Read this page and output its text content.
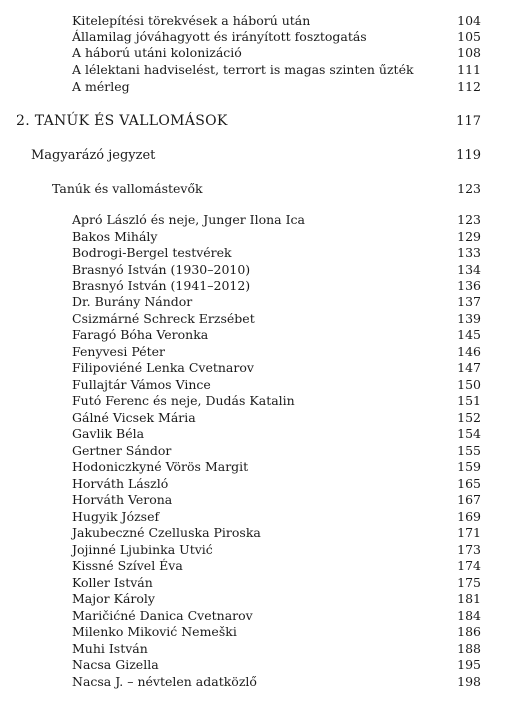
Kitelepítési törekvések a háború után	104
Államilag jóváhagyott és irányított fosztogatás	105
A háború utáni kolonizáció	108
A lélektani hadviselést, terrort is magas szinten űzték	111
A mérleg	112
2. TANÚK ÉS VALLOMÁSOK	117
Magyarázó jegyzet	119
Tanúk és vallomástevők	123
Apró László és neje, Junger Ilona Ica	123
Bakos Mihály	129
Bodrogi-Bergel testvérek	133
Brasnyó István (1930–2010)	134
Brasnyó István (1941–2012)	136
Dr. Burány Nándor	137
Csizmárné Schreck Erzsébet	139
Faragó Bóha Veronka	145
Fenyvesi Péter	146
Filipoviéné Lenka Cvetnarov	147
Fullajtár Vámos Vince	150
Futó Ferenc és neje, Dudás Katalin	151
Gálné Vicsek Mária	152
Gavlik Béla	154
Gertner Sándor	155
Hodoniczkyné Vörös Margit	159
Horváth László	165
Horváth Verona	167
Hugyik József	169
Jakubeczné Czelluska Piroska	171
Jojinné Ljubinka Utvić	173
Kissné Szível Éva	174
Koller István	175
Major Károly	181
Maričićné Danica Cvetnarov	184
Milenko Miković Nemeški	186
Muhi István	188
Nacsa Gizella	195
Nacsa J. – névtelen adatközlő	198
